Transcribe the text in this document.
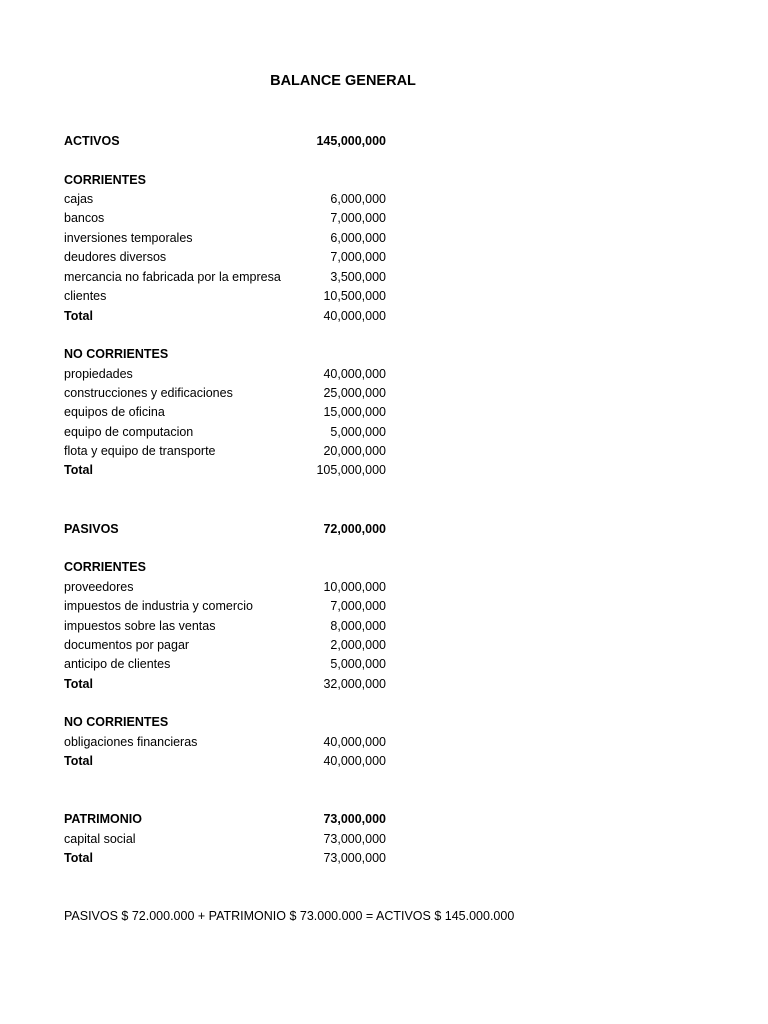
BALANCE GENERAL
ACTIVOS	145,000,000
CORRIENTES
cajas	6,000,000
bancos	7,000,000
inversiones temporales	6,000,000
deudores diversos	7,000,000
mercancia no fabricada por la empresa	3,500,000
clientes	10,500,000
Total	40,000,000
NO CORRIENTES
propiedades	40,000,000
construcciones y edificaciones	25,000,000
equipos de oficina	15,000,000
equipo de computacion	5,000,000
flota y equipo de transporte	20,000,000
Total	105,000,000
PASIVOS	72,000,000
CORRIENTES
proveedores	10,000,000
impuestos de industria y comercio	7,000,000
impuestos sobre las ventas	8,000,000
documentos por pagar	2,000,000
anticipo de clientes	5,000,000
Total	32,000,000
NO CORRIENTES
obligaciones financieras	40,000,000
Total	40,000,000
PATRIMONIO	73,000,000
capital social	73,000,000
Total	73,000,000
PASIVOS $ 72.000.000 + PATRIMONIO $ 73.000.000 = ACTIVOS $ 145.000.000
